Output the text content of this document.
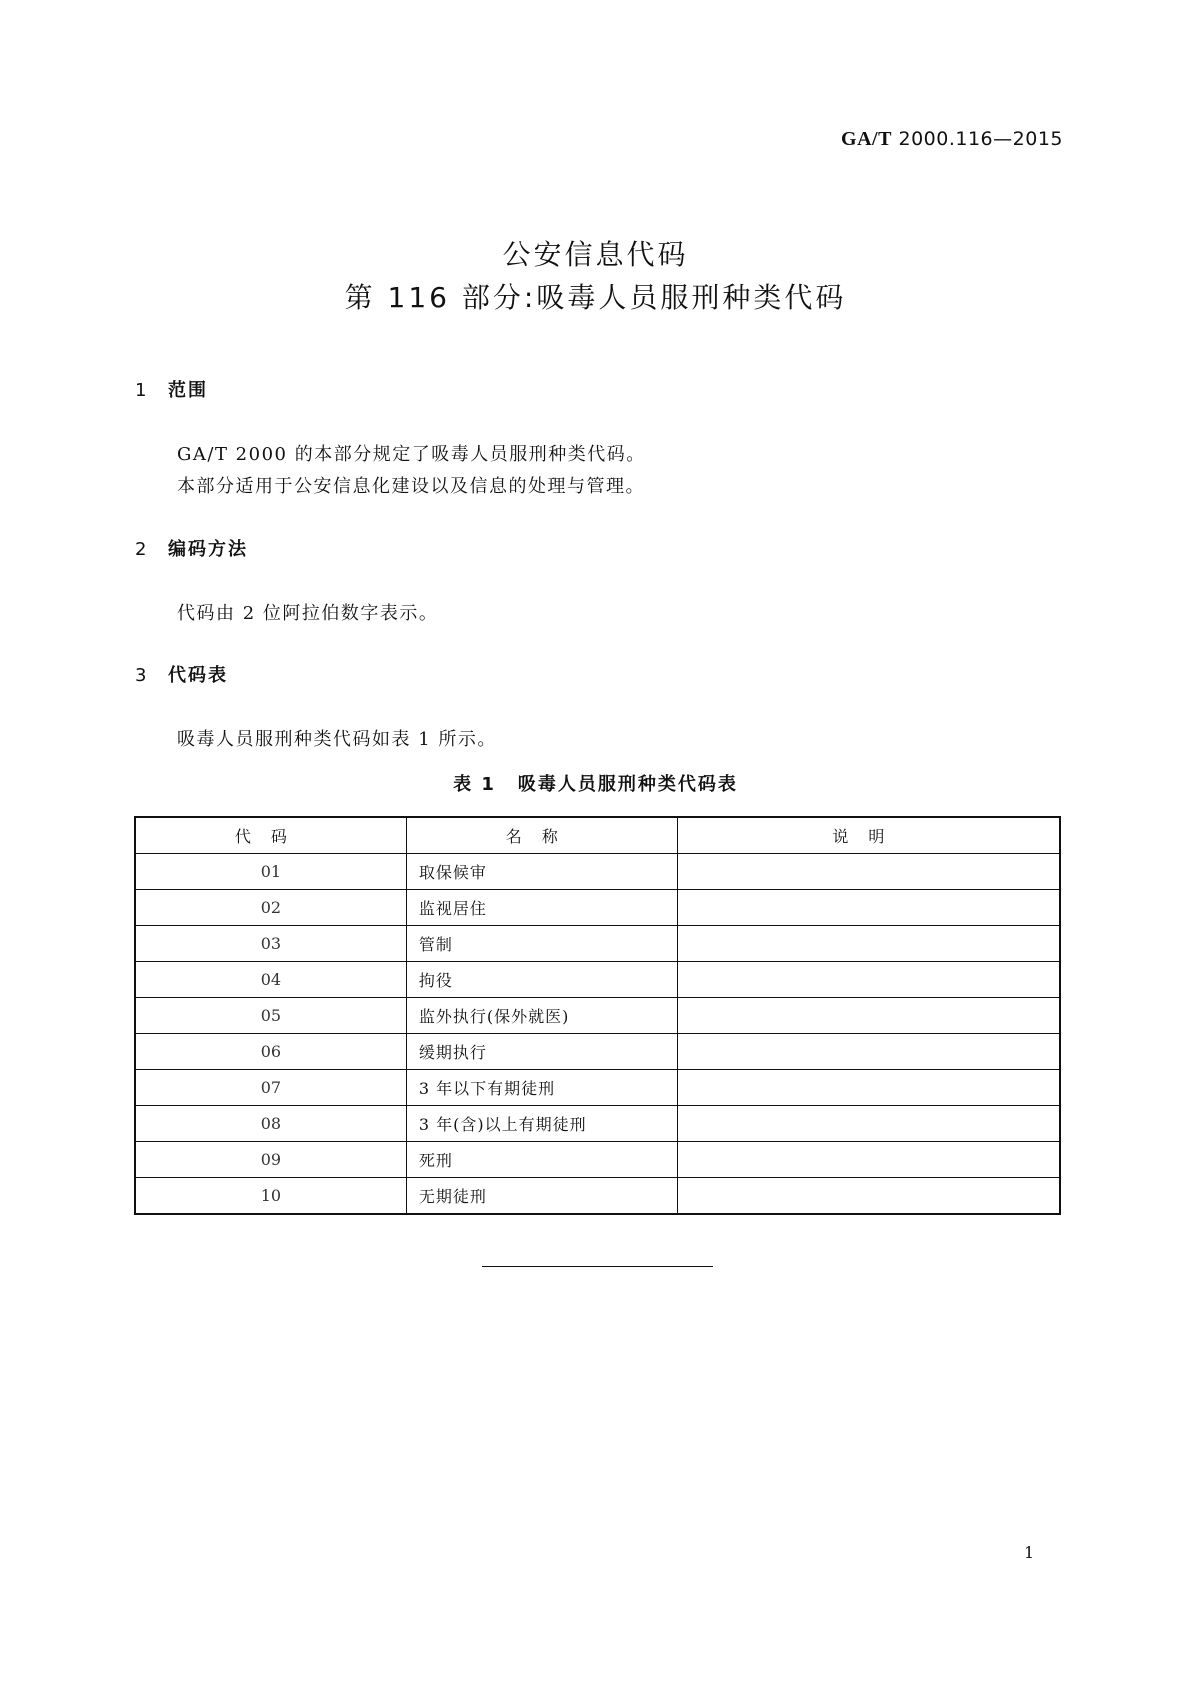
GA/T 2000.116—2015
公安信息代码
第 116 部分:吸毒人员服刑种类代码
1 范围
GA/T 2000 的本部分规定了吸毒人员服刑种类代码。
本部分适用于公安信息化建设以及信息的处理与管理。
2 编码方法
代码由 2 位阿拉伯数字表示。
3 代码表
吸毒人员服刑种类代码如表 1 所示。
表 1 吸毒人员服刑种类代码表
代码	名称	说明
01	取保候审	
02	监视居住	
03	管制	
04	拘役	
05	监外执行(保外就医)	
06	缓期执行	
07	3 年以下有期徒刑	
08	3 年(含)以上有期徒刑	
09	死刑	
10	无期徒刑	
1
